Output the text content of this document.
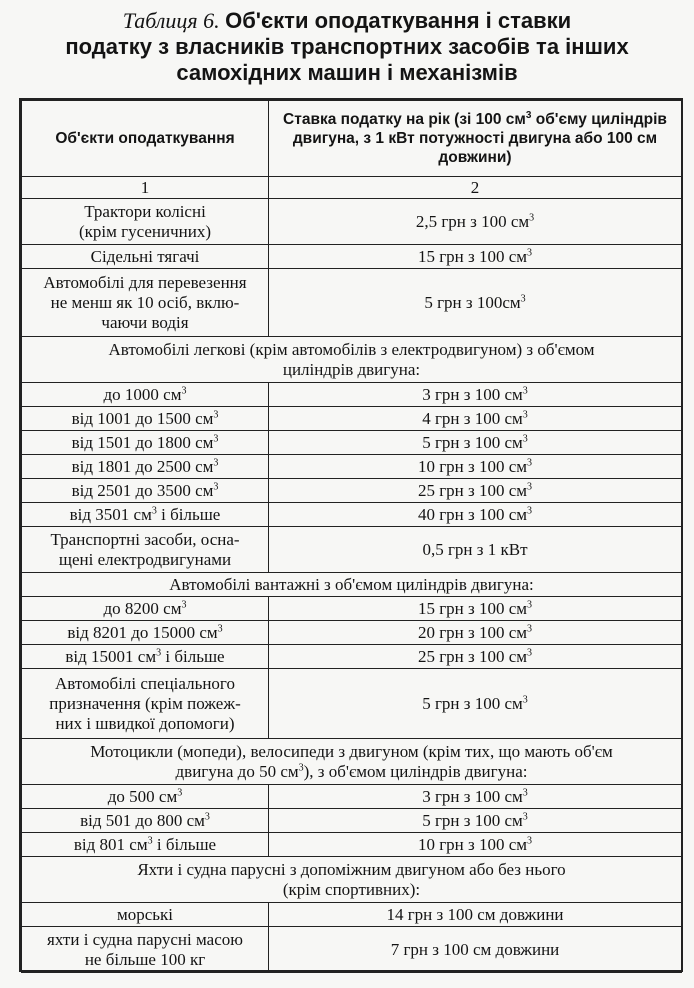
Таблиця 6. Об'єкти оподаткування і ставки
податку з власників транспортних засобів та інших
самохідних машин і механізмів
Об'єкти оподаткування	Ставка податку на рік (зі 100 $см^3$ об'єму циліндрів двигуна, з 1 кВт потужності двигуна або 100 см довжини)
1	2

Трактори колісні
(крім гусеничних)	2,5 грн з 100 $см^3$
Сідельні тягачі	15 грн з 100 $см^3$

Автомобілі для перевезення
не менш як 10 осіб, вклю-
чаючи водія	5 грн з $100см^3$

Автомобілі легкові (крім автомобілів з електродвигуном) з об'ємом
циліндрів двигуна:	

до 1000 $см^3$	3 грн з 100 $см^3$
від 1001 до 1500 $см^3$	4 грн з 100 $см^3$
від 1501 до 1800 $см^3$	5 грн з 100 $см^3$
від 1801 до 2500 $см^3$	10 грн з 100 $см^3$
від 2501 до 3500 $см^3$	25 грн з 100 $см^3$
від 3501 $см^3$ і більше	40 грн з 100 $см^3$

Транспортні засоби, осна-
щені електродвигунами	0,5 грн з 1 кВт
Автомобілі вантажні з об'ємом циліндрів двигуна:	
до 8200 $см^3$	15 грн з 100 $см^3$
від 8201 до 15000 $см^3$	20 грн з 100 $см^3$
від 15001 $см^3$ і більше	25 грн з 100 $см^3$

Автомобілі спеціального
призначення (крім пожеж-
них і швидкої допомоги)	5 грн з 100 $см^3$

Мотоцикли (мопеди), велосипеди з двигуном (крім тих, що мають об'єм
двигуна до 50 $см^3$), з об'ємом циліндрів двигуна:	

до 500 $см^3$	3 грн з 100 $см^3$
від 501 до 800 $см^3$	5 грн з 100 $см^3$
від 801 $см^3$ і більше	10 грн з 100 $см^3$

Яхти і судна парусні з допоміжним двигуном або без нього
(крім спортивних):	

морські	14 грн з 100 см довжини

яхти і судна парусні масою
не більше 100 кг	7 грн з 100 см довжини
